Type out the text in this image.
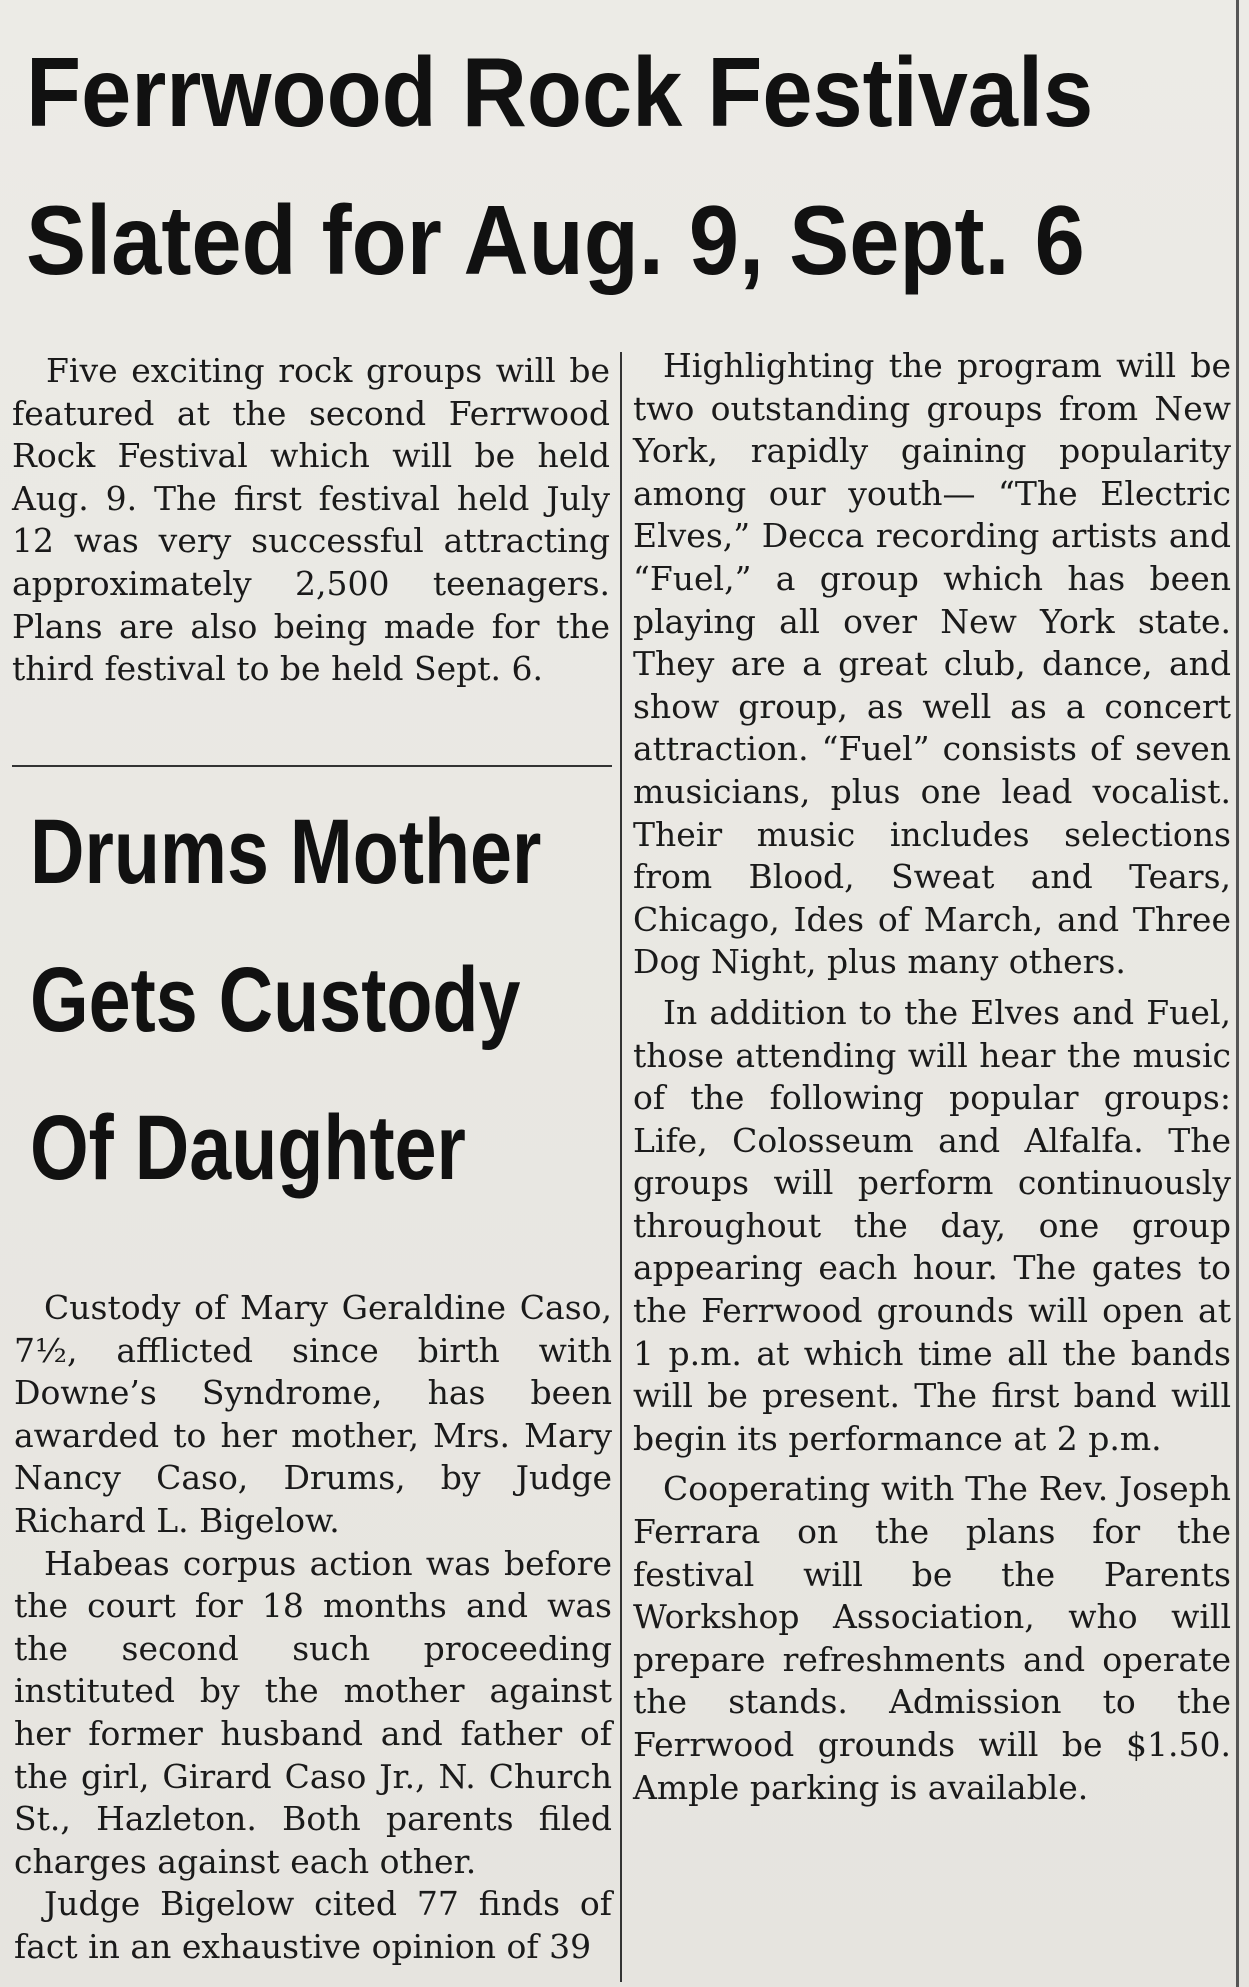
Ferrwood Rock Festivals
Slated for Aug. 9, Sept. 6

Five exciting rock groups will be featured at the second Ferrwood Rock Festival which will be held Aug. 9. The first festival held July 12 was very successful attracting approximately 2,500 teenagers. Plans are also being made for the third festival to be held Sept. 6.

Drums Mother
Gets Custody
Of Daughter

Custody of Mary Geraldine Caso, 7½, afflicted since birth with Downe’s Syndrome, has been awarded to her mother, Mrs. Mary Nancy Caso, Drums, by Judge Richard L. Bigelow.

Habeas corpus action was before the court for 18 months and was the second such proceeding instituted by the mother against her former husband and father of the girl, Girard Caso Jr., N. Church St., Hazleton. Both parents filed charges against each other.

Judge Bigelow cited 77 finds of fact in an exhaustive opinion of 39

Highlighting the program will be two outstanding groups from New York, rapidly gaining popularity among our youth— “The Electric Elves,” Decca recording artists and “Fuel,” a group which has been playing all over New York state. They are a great club, dance, and show group, as well as a concert attraction. “Fuel” consists of seven musicians, plus one lead vocalist. Their music includes selections from Blood, Sweat and Tears, Chicago, Ides of March, and Three Dog Night, plus many others.

In addition to the Elves and Fuel, those attending will hear the music of the following popular groups: Life, Colosseum and Alfalfa. The groups will perform continuously throughout the day, one group appearing each hour. The gates to the Ferrwood grounds will open at 1 p.m. at which time all the bands will be present. The first band will begin its performance at 2 p.m.

Cooperating with The Rev. Joseph Ferrara on the plans for the festival will be the Parents Workshop Association, who will prepare refreshments and operate the stands. Admission to the Ferrwood grounds will be $1.50. Ample parking is available.
